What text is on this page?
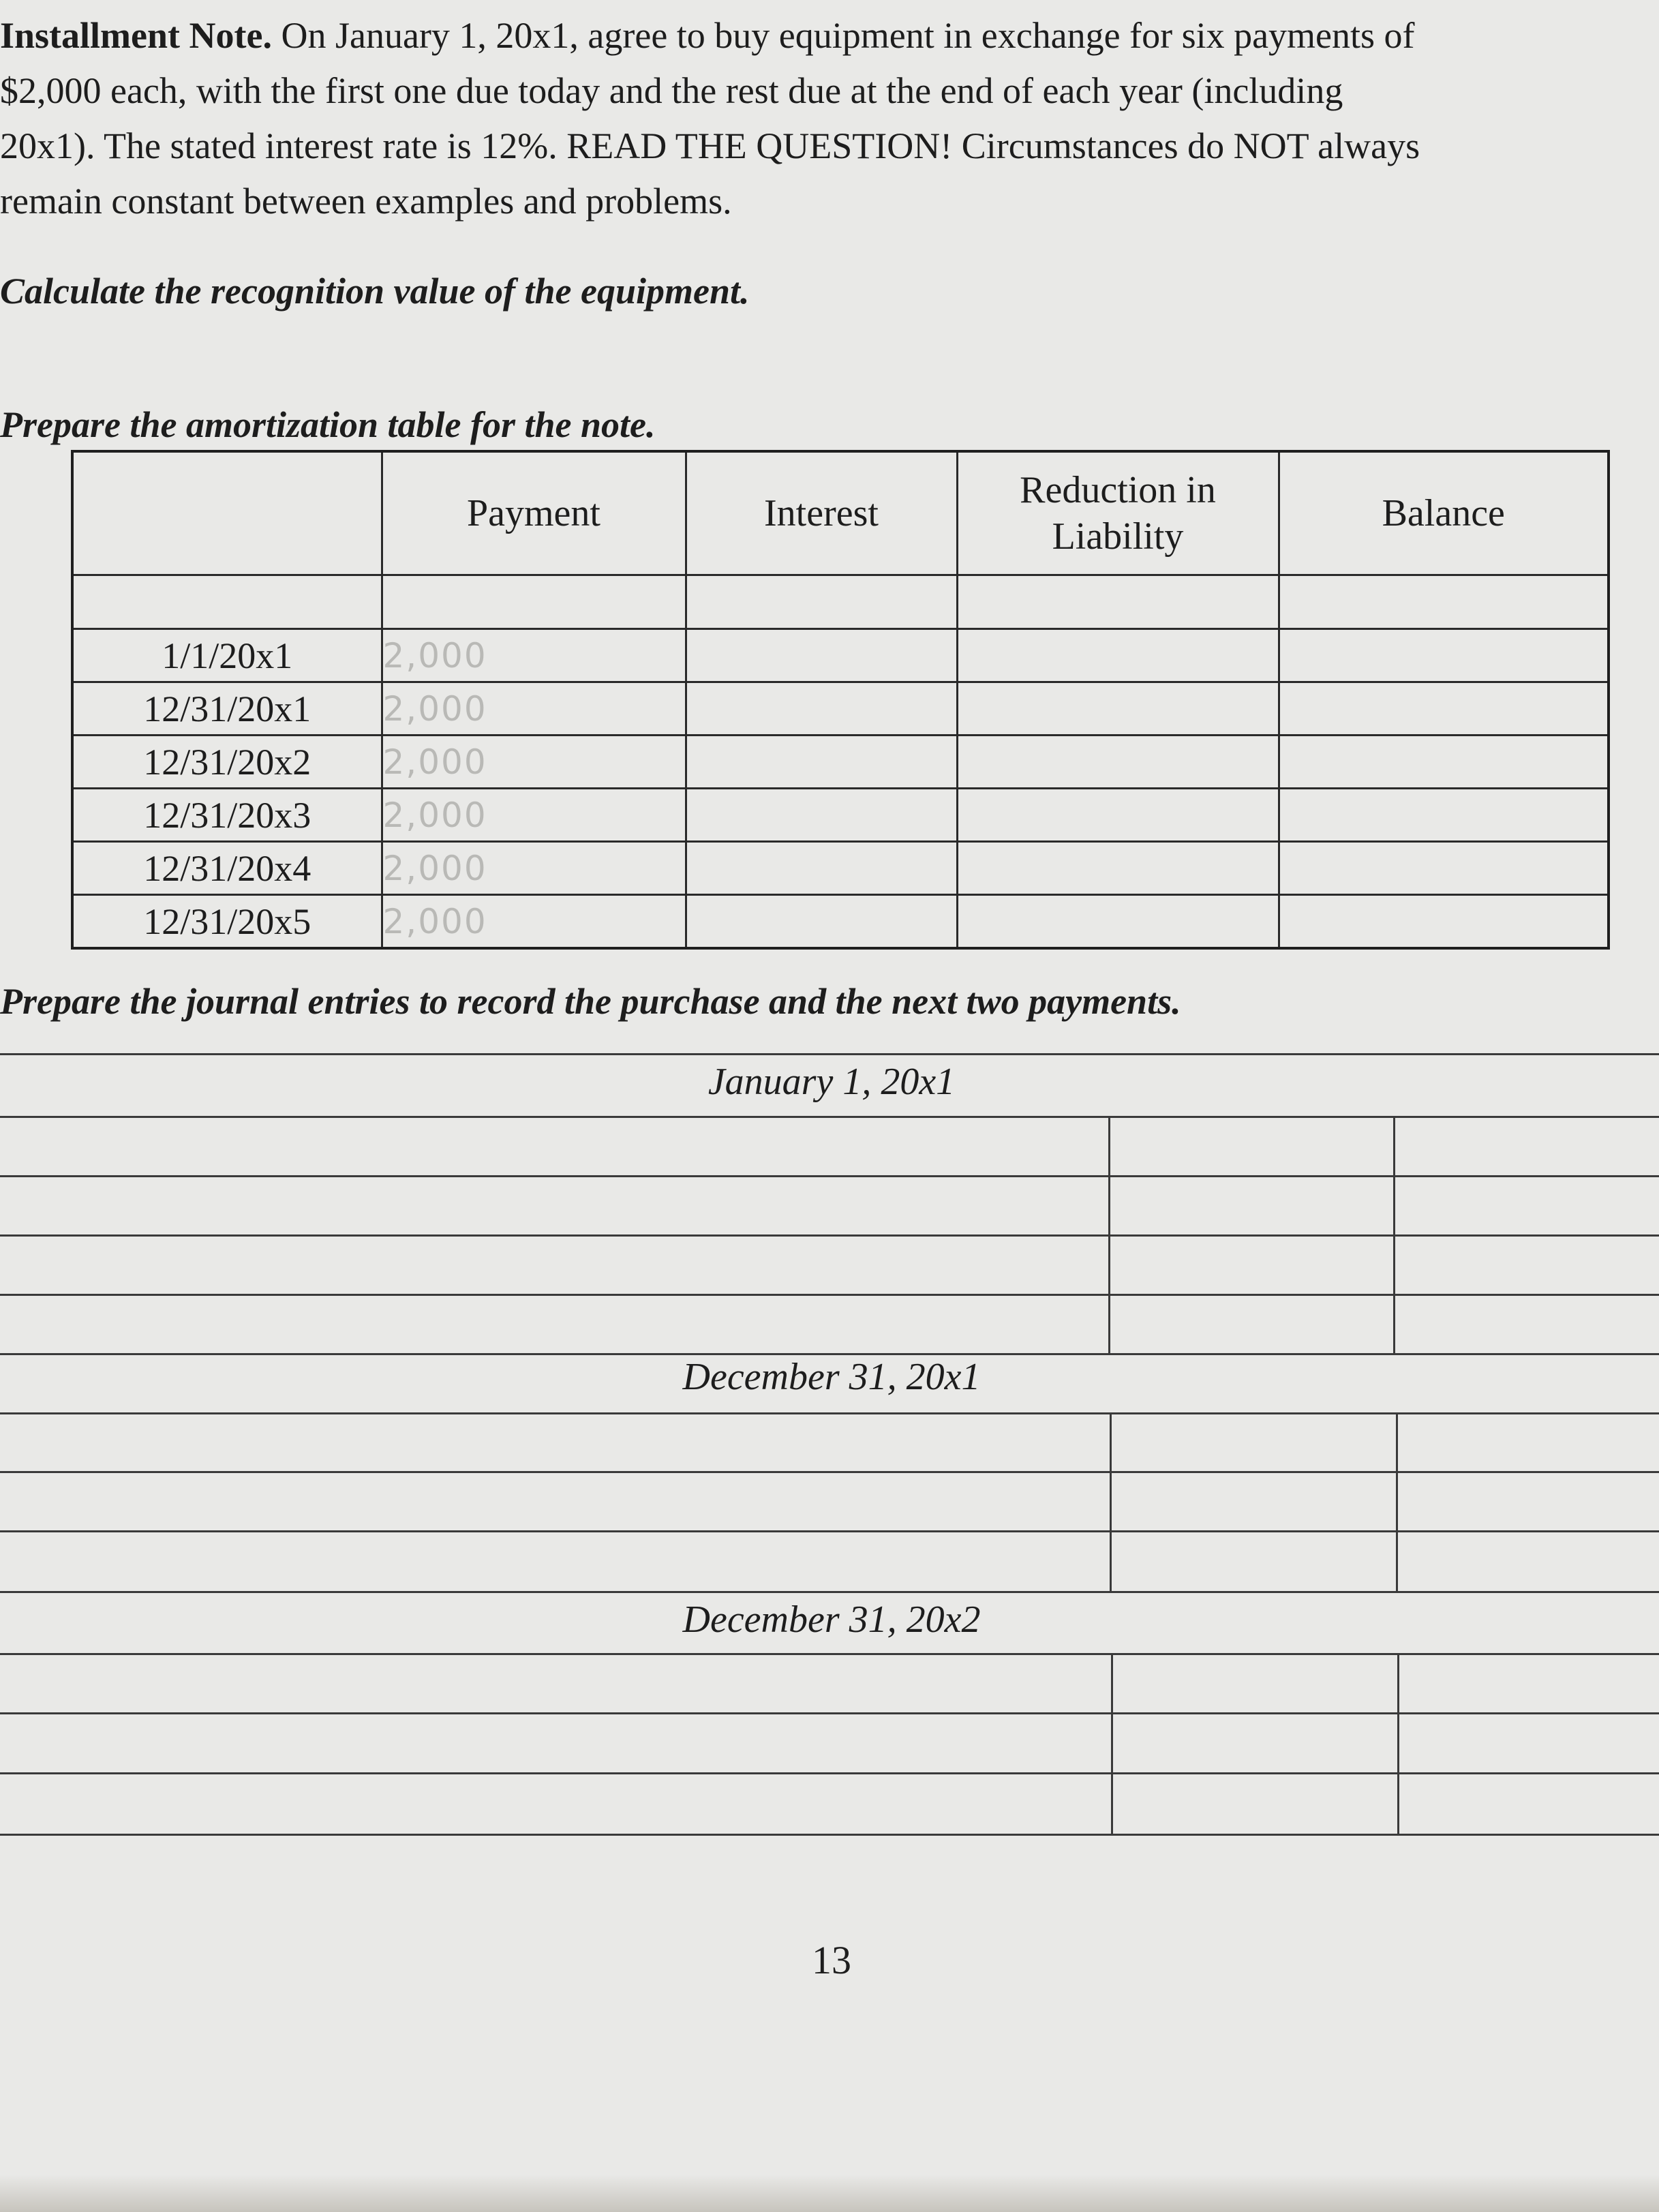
Installment Note. On January 1, 20x1, agree to buy equipment in exchange for six payments of
$2,000 each, with the first one due today and the rest due at the end of each year (including
20x1). The stated interest rate is 12%. READ THE QUESTION! Circumstances do NOT always
remain constant between examples and problems.
Calculate the recognition value of the equipment.
Prepare the amortization table for the note.
	Payment	Interest	Reduction in Liability	Balance

1/1/20x1	2,000			
12/31/20x1	2,000			
12/31/20x2	2,000			
12/31/20x3	2,000			
12/31/20x4	2,000			
12/31/20x5	2,000			
Prepare the journal entries to record the purchase and the next two payments.
January 1, 20x1
December 31, 20x1
December 31, 20x2
13
